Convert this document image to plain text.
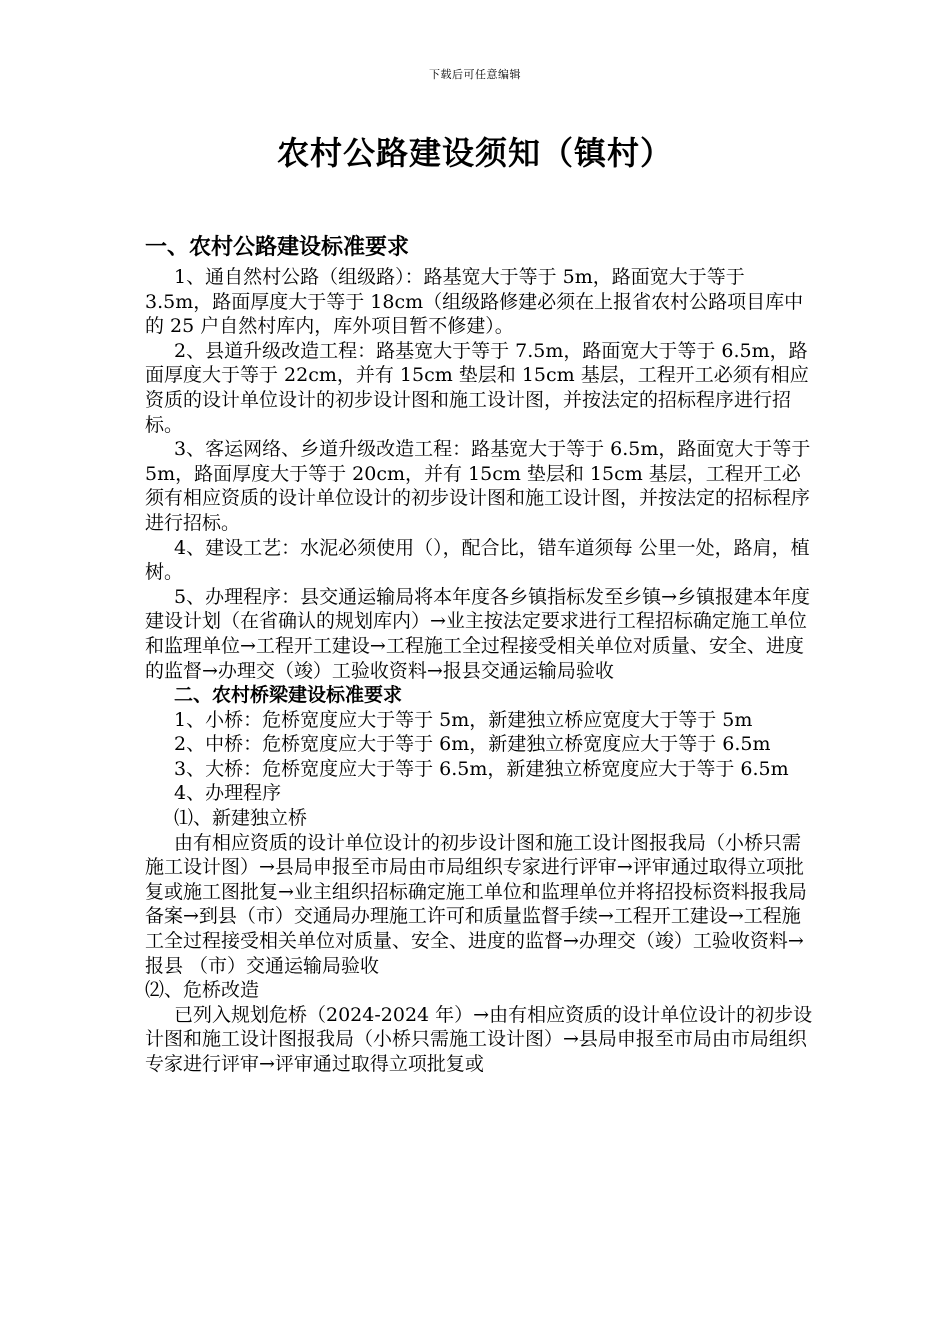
下载后可任意编辑
农村公路建设须知（镇村）

一、农村公路建设标准要求

1、通自然村公路（组级路）：路基宽大于等于 5m，路面宽大于等于 3.5m，路面厚度大于等于 18cm（组级路修建必须在上报省农村公路项目库中的 25 户自然村库内，库外项目暂不修建）。

2、县道升级改造工程：路基宽大于等于 7.5m，路面宽大于等于 6.5m，路面厚度大于等于 22cm，并有 15cm 垫层和 15cm 基层，工程开工必须有相应资质的设计单位设计的初步设计图和施工设计图，并按法定的招标程序进行招标。

3、客运网络、乡道升级改造工程：路基宽大于等于 6.5m，路面宽大于等于 5m，路面厚度大于等于 20cm，并有 15cm 垫层和 15cm 基层，工程开工必须有相应资质的设计单位设计的初步设计图和施工设计图，并按法定的招标程序进行招标。

4、建设工艺：水泥必须使用（），配合比，错车道须每 公里一处，路肩，植树。

5、办理程序：县交通运输局将本年度各乡镇指标发至乡镇→乡镇报建本年度建设计划（在省确认的规划库内）→业主按法定要求进行工程招标确定施工单位和监理单位→工程开工建设→工程施工全过程接受相关单位对质量、安全、进度的监督→办理交（竣）工验收资料→报县交通运输局验收

二、农村桥梁建设标准要求

1、小桥：危桥宽度应大于等于 5m，新建独立桥应宽度大于等于 5m

2、中桥：危桥宽度应大于等于 6m，新建独立桥宽度应大于等于 6.5m

3、大桥：危桥宽度应大于等于 6.5m，新建独立桥宽度应大于等于 6.5m

4、办理程序

⑴、新建独立桥

由有相应资质的设计单位设计的初步设计图和施工设计图报我局（小桥只需施工设计图）→县局申报至市局由市局组织专家进行评审→评审通过取得立项批复或施工图批复→业主组织招标确定施工单位和监理单位并将招投标资料报我局备案→到县（市）交通局办理施工许可和质量监督手续→工程开工建设→工程施工全过程接受相关单位对质量、安全、进度的监督→办理交（竣）工验收资料→报县 （市）交通运输局验收

⑵、危桥改造

已列入规划危桥（2024-2024 年）→由有相应资质的设计单位设计的初步设计图和施工设计图报我局（小桥只需施工设计图）→县局申报至市局由市局组织专家进行评审→评审通过取得立项批复或
